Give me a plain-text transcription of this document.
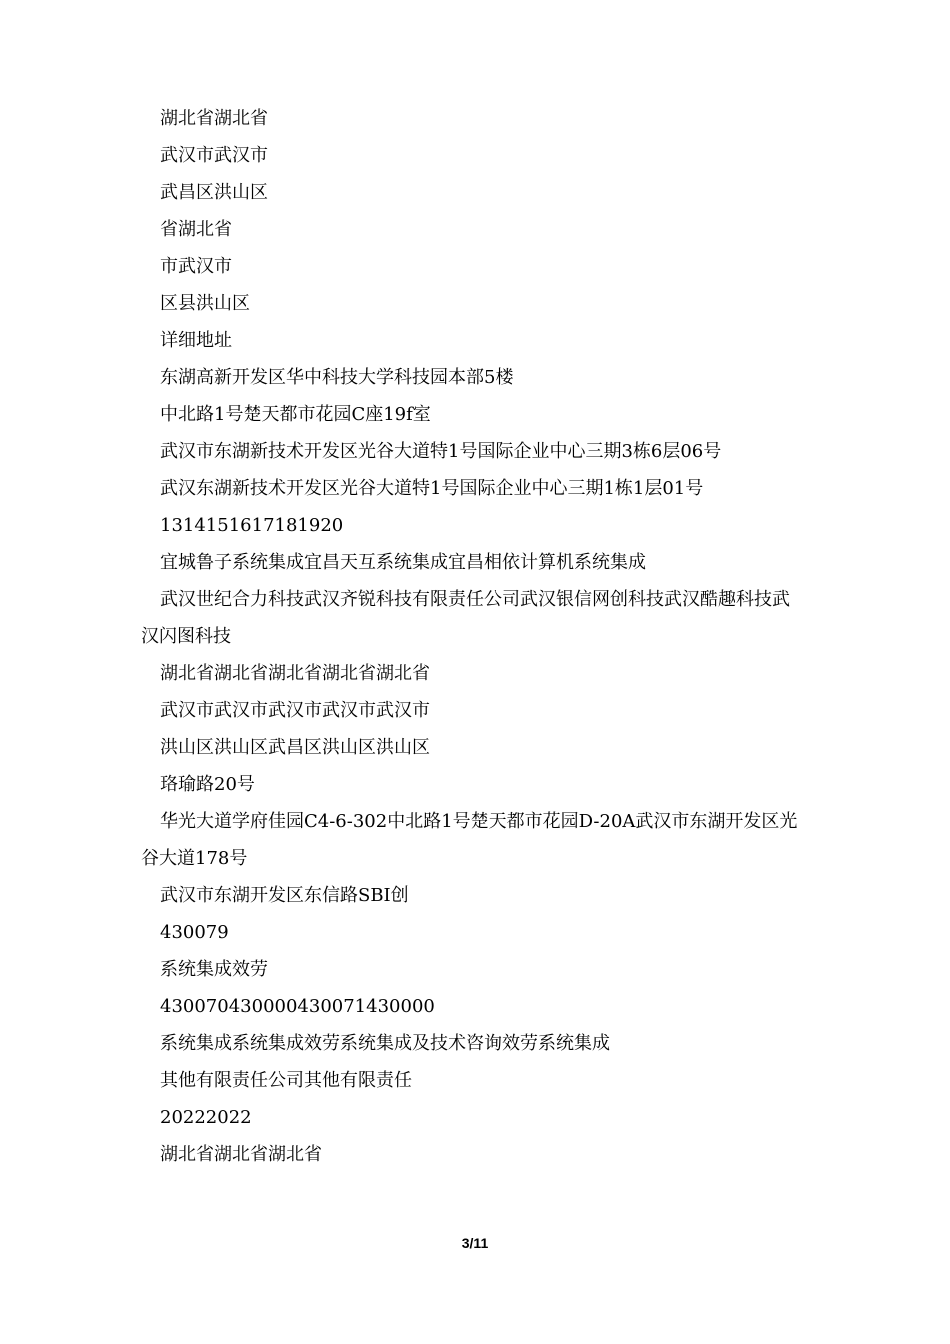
湖北省湖北省

武汉市武汉市

武昌区洪山区

省湖北省

市武汉市

区县洪山区

详细地址

东湖高新开发区华中科技大学科技园本部5楼

中北路1号楚天都市花园C座19f室

武汉市东湖新技术开发区光谷大道特1号国际企业中心三期3栋6层06号

武汉东湖新技术开发区光谷大道特1号国际企业中心三期1栋1层01号

1314151617181920

宜城鲁子系统集成宜昌天互系统集成宜昌相依计算机系统集成

武汉世纪合力科技武汉齐锐科技有限责任公司武汉银信网创科技武汉酷趣科技武汉闪图科技

湖北省湖北省湖北省湖北省湖北省

武汉市武汉市武汉市武汉市武汉市

洪山区洪山区武昌区洪山区洪山区

珞瑜路20号

华光大道学府佳园C4-6-302中北路1号楚天都市花园D-20A武汉市东湖开发区光谷大道178号

武汉市东湖开发区东信路SBI创

430079

系统集成效劳

430070430000430071430000

系统集成系统集成效劳系统集成及技术咨询效劳系统集成

其他有限责任公司其他有限责任

20222022

湖北省湖北省湖北省

3/11
